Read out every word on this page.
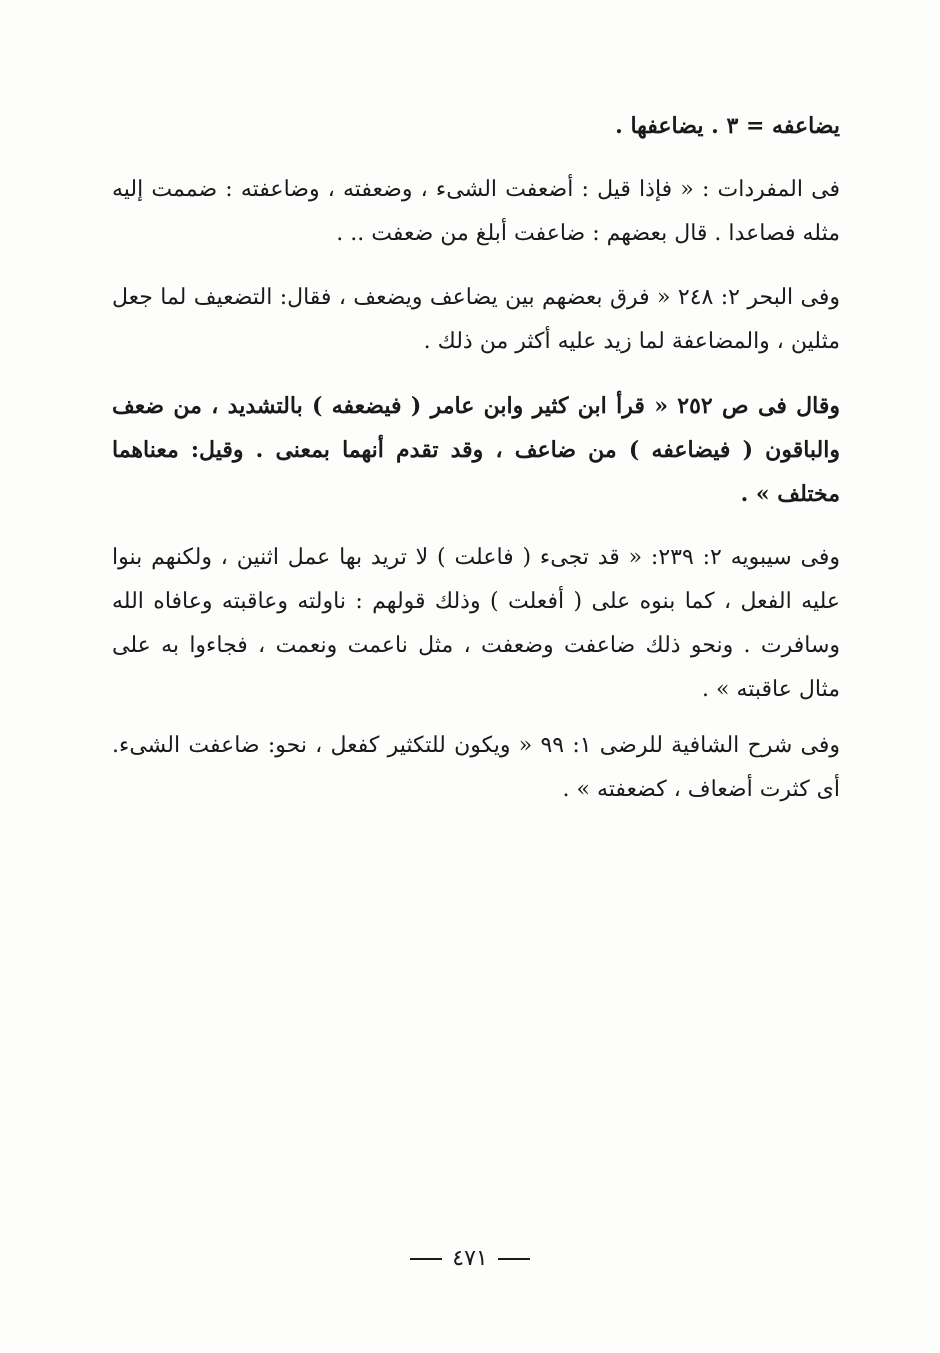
يضاعفه = ٣ . يضاعفها .
فى المفردات : « فإذا قيل : أضعفت الشىء ، وضعفته ، وضاعفته : ضممت إليه مثله فصاعدا . قال بعضهم : ضاعفت أبلغ من ضعفت .. .
وفى البحر ٢: ٢٤٨ « فرق بعضهم بين يضاعف ويضعف ، فقال: التضعيف لما جعل مثلين ، والمضاعفة لما زيد عليه أكثر من ذلك .
وقال فى ص ٢٥٢ « قرأ ابن كثير وابن عامر ( فيضعفه ) بالتشديد ، من ضعف والباقون ( فيضاعفه ) من ضاعف ، وقد تقدم أنهما بمعنى . وقيل: معناهما مختلف » .
وفى سيبويه ٢: ٢٣٩: « قد تجىء ( فاعلت ) لا تريد بها عمل اثنين ، ولكنهم بنوا عليه الفعل ، كما بنوه على ( أفعلت ) وذلك قولهم : ناولته وعاقبته وعافاه الله وسافرت . ونحو ذلك ضاعفت وضعفت ، مثل ناعمت ونعمت ، فجاءوا به على مثال عاقبته » .
وفى شرح الشافية للرضى ١: ٩٩ « ويكون للتكثير كفعل ، نحو: ضاعفت الشىء. أى كثرت أضعاف ، كضعفته » .
٤٧١
